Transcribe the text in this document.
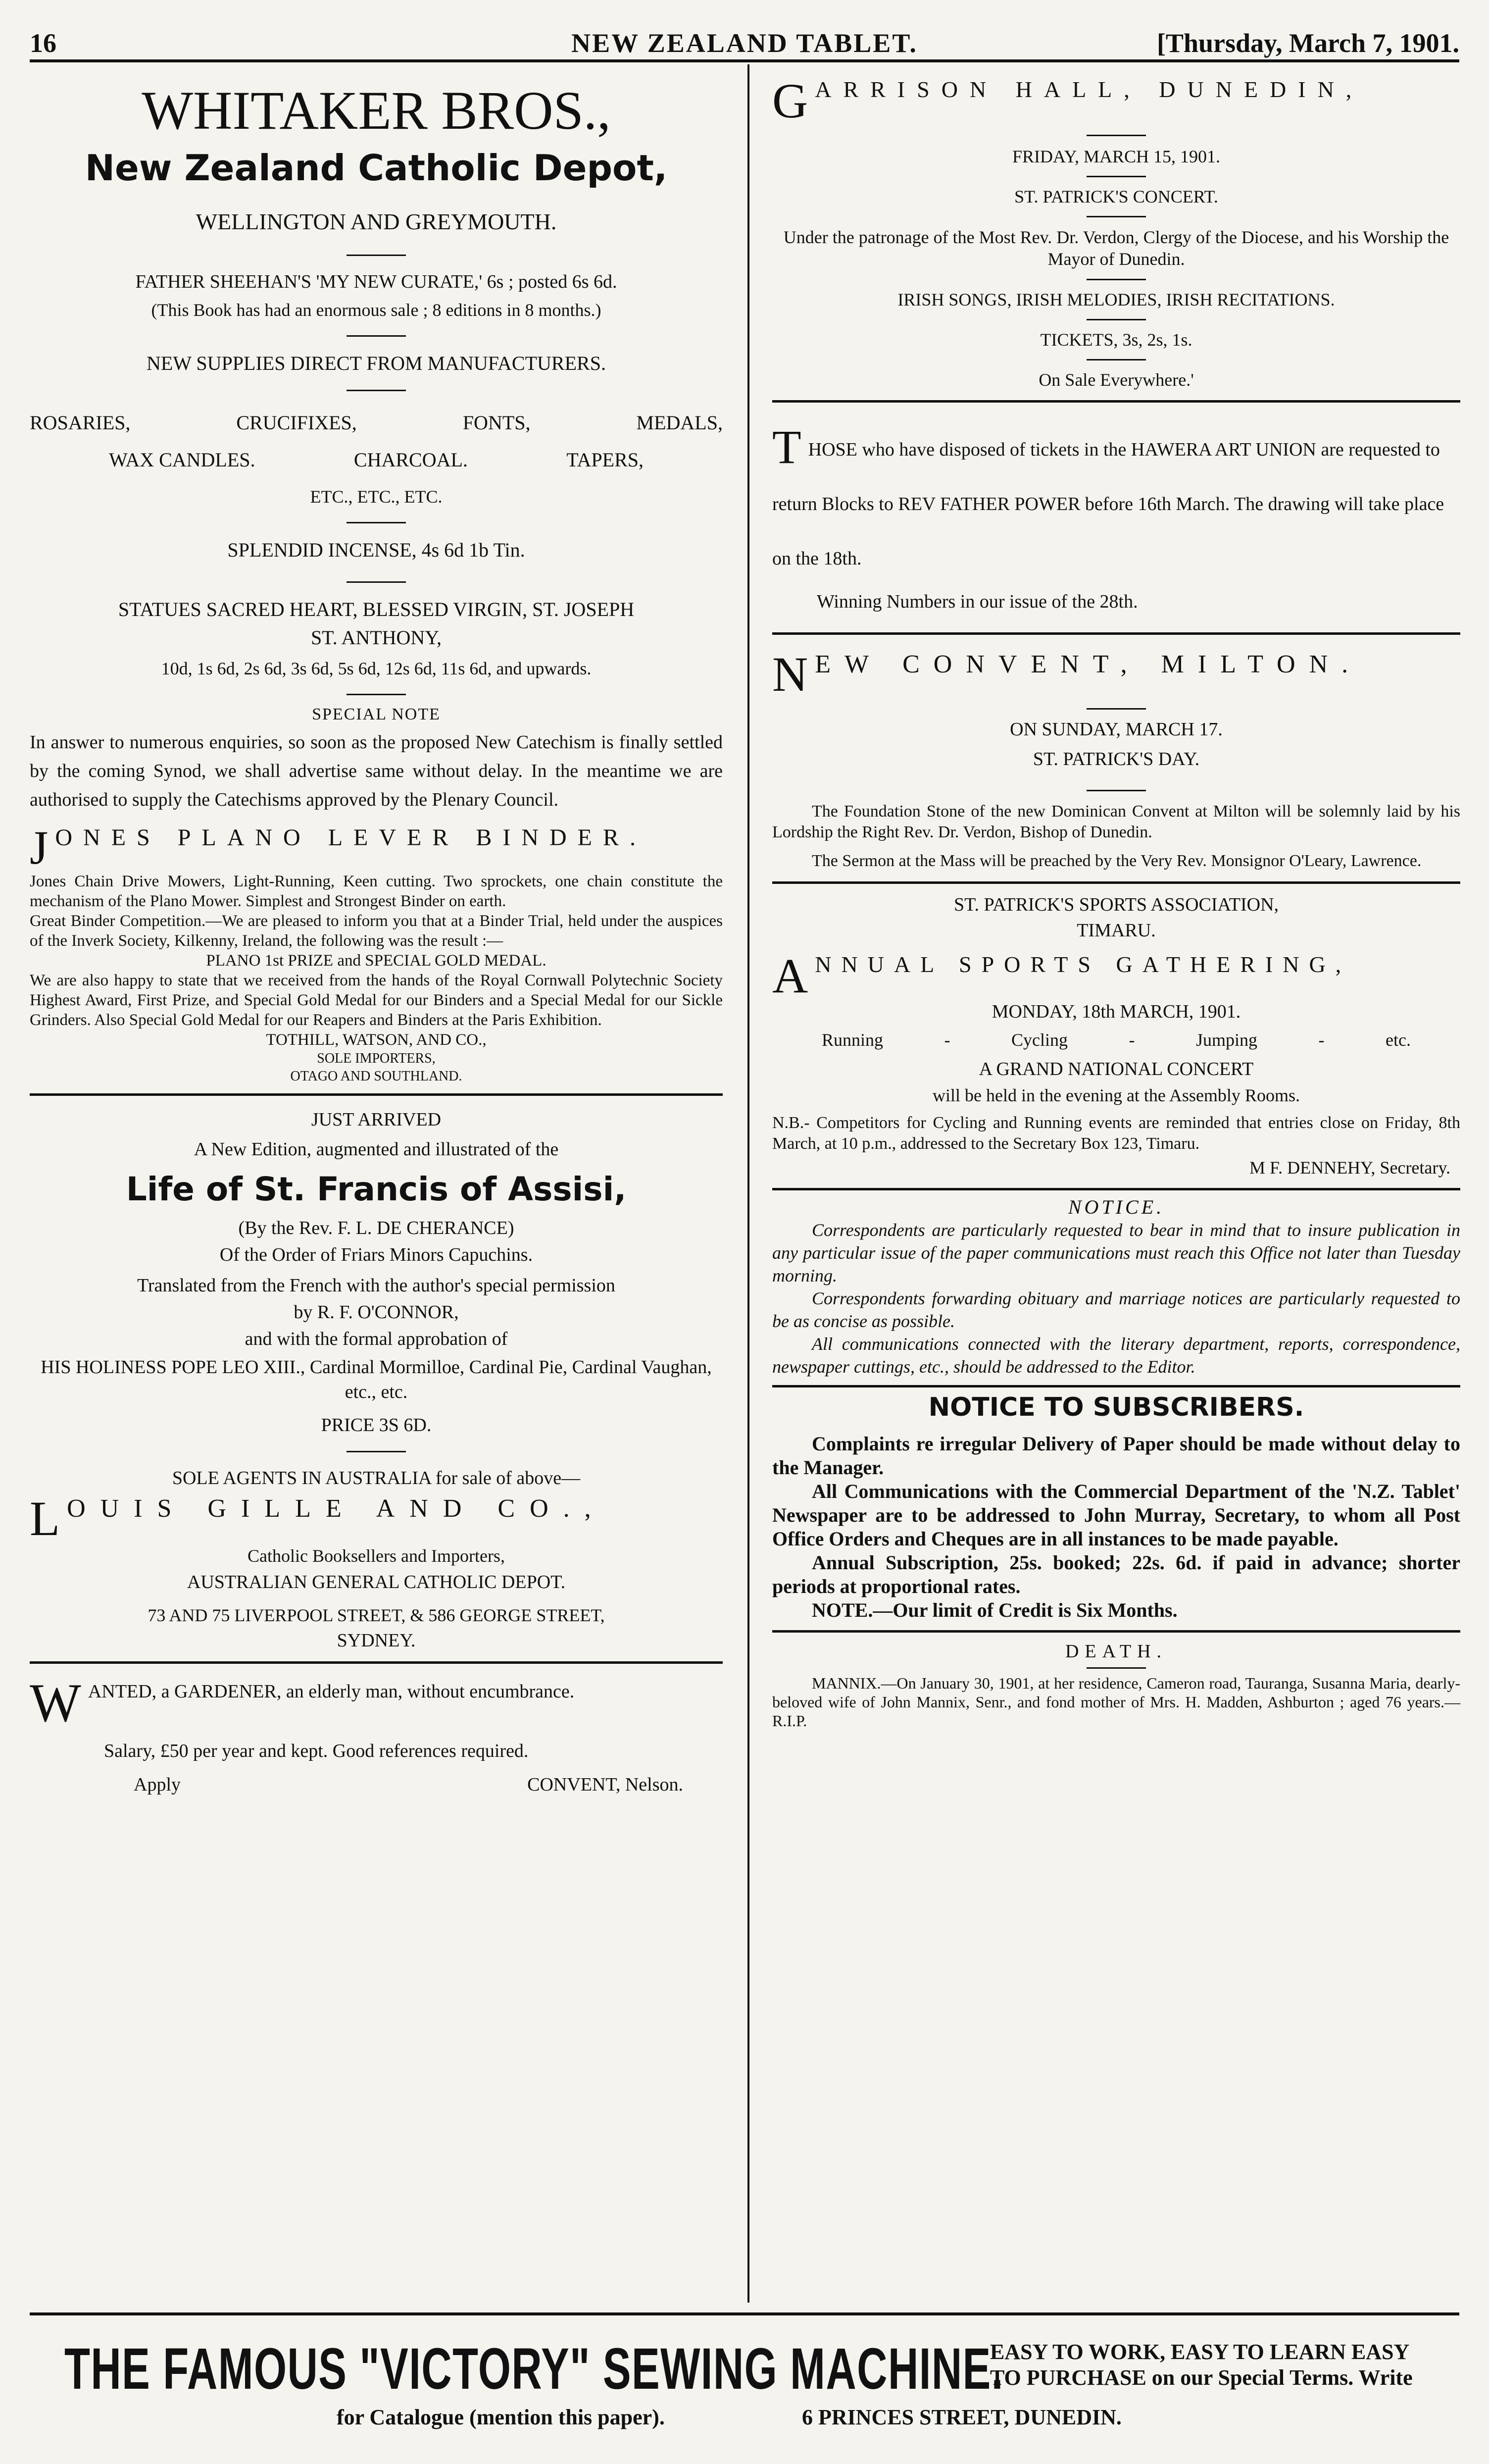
16	NEW ZEALAND TABLET.	[Thursday, March 7, 1901.
WHITAKER BROS.,
New Zealand Catholic Depot,
WELLINGTON AND GREYMOUTH.
FATHER SHEEHAN'S 'MY NEW CURATE,' 6s ; posted 6s 6d.
(This Book has had an enormous sale ; 8 editions in 8 months.)
NEW SUPPLIES DIRECT FROM MANUFACTURERS.
ROSARIES,	CRUCIFIXES,	FONTS,	MEDALS,
WAX CANDLES.	CHARCOAL.	TAPERS,
ETC., ETC., ETC.
SPLENDID INCENSE, 4s 6d 1b Tin.
STATUES SACRED HEART, BLESSED VIRGIN, ST. JOSEPH
ST. ANTHONY,
10d, 1s 6d, 2s 6d, 3s 6d, 5s 6d, 12s 6d, 11s 6d, and upwards.
SPECIAL NOTE

In answer to numerous enquiries, so soon as the proposed New Catechism is finally settled by the coming Synod, we shall advertise same without delay. In the meantime we are authorised to supply the Catechisms approved by the Plenary Council.

J ONES PLANO LEVER BINDER.

Jones Chain Drive Mowers, Light-Running, Keen cutting. Two sprockets, one chain constitute the mechanism of the Plano Mower. Simplest and Strongest Binder on earth.

Great Binder Competition.—We are pleased to inform you that at a Binder Trial, held under the auspices of the Inverk Society, Kilkenny, Ireland, the following was the result :—

PLANO 1st PRIZE and SPECIAL GOLD MEDAL.

We are also happy to state that we received from the hands of the Royal Cornwall Polytechnic Society Highest Award, First Prize, and Special Gold Medal for our Binders and a Special Medal for our Sickle Grinders. Also Special Gold Medal for our Reapers and Binders at the Paris Exhibition.

TOTHILL, WATSON, AND CO.,
SOLE IMPORTERS,
OTAGO AND SOUTHLAND.
JUST ARRIVED
A New Edition, augmented and illustrated of the
Life of St. Francis of Assisi,
(By the Rev. F. L. DE CHERANCE)
Of the Order of Friars Minors Capuchins.
Translated from the French with the author's special permission
by R. F. O'CONNOR,
and with the formal approbation of
HIS HOLINESS POPE LEO XIII., Cardinal Mormilloe, Cardinal Pie, Cardinal Vaughan, etc., etc.
PRICE 3S 6D.
SOLE AGENTS IN AUSTRALIA for sale of above—
L OUIS GILLE AND CO.,
Catholic Booksellers and Importers,
AUSTRALIAN GENERAL CATHOLIC DEPOT.
73 AND 75 LIVERPOOL STREET, & 586 GEORGE STREET,
SYDNEY.
W ANTED, a GARDENER, an elderly man, without encumbrance.
Salary, £50 per year and kept. Good references required.
Apply	CONVENT, Nelson.
G ARRISON HALL, DUNEDIN,
FRIDAY, MARCH 15, 1901.
ST. PATRICK'S CONCERT.
Under the patronage of the Most Rev. Dr. Verdon, Clergy of the Diocese, and his Worship the Mayor of Dunedin.
IRISH SONGS, IRISH MELODIES, IRISH RECITATIONS.
TICKETS, 3s, 2s, 1s.
On Sale Everywhere.'
T HOSE who have disposed of tickets in the HAWERA ART UNION are requested to return Blocks to REV FATHER POWER before 16th March. The drawing will take place on the 18th.
Winning Numbers in our issue of the 28th.
N EW CONVENT, MILTON.
ON SUNDAY, MARCH 17.
ST. PATRICK'S DAY.

The Foundation Stone of the new Dominican Convent at Milton will be solemnly laid by his Lordship the Right Rev. Dr. Verdon, Bishop of Dunedin.

The Sermon at the Mass will be preached by the Very Rev. Monsignor O'Leary, Lawrence.

ST. PATRICK'S SPORTS ASSOCIATION,
TIMARU.
A NNUAL SPORTS GATHERING,
MONDAY, 18th MARCH, 1901.
Running	-	Cycling	-	Jumping	-	etc.
A GRAND NATIONAL CONCERT
will be held in the evening at the Assembly Rooms.

N.B.- Competitors for Cycling and Running events are reminded that entries close on Friday, 8th March, at 10 p.m., addressed to the Secretary Box 123, Timaru.

M F. DENNEHY, Secretary.
NOTICE.

Correspondents are particularly requested to bear in mind that to insure publication in any particular issue of the paper communications must reach this Office not later than Tuesday morning.

Correspondents forwarding obituary and marriage notices are particularly requested to be as concise as possible.

All communications connected with the literary department, reports, correspondence, newspaper cuttings, etc., should be addressed to the Editor.

NOTICE TO SUBSCRIBERS.

Complaints re irregular Delivery of Paper should be made without delay to the Manager.

All Communications with the Commercial Department of the 'N.Z. Tablet' Newspaper are to be addressed to John Murray, Secretary, to whom all Post Office Orders and Cheques are in all instances to be made payable.

Annual Subscription, 25s. booked; 22s. 6d. if paid in advance; shorter periods at proportional rates.

NOTE.—Our limit of Credit is Six Months.

DEATH.

MANNIX.—On January 30, 1901, at her residence, Cameron road, Tauranga, Susanna Maria, dearly-beloved wife of John Mannix, Senr., and fond mother of Mrs. H. Madden, Ashburton ; aged 76 years.—R.I.P.

THE FAMOUS "VICTORY" SEWING MACHINE.
EASY TO WORK, EASY TO LEARN EASY
TO PURCHASE on our Special Terms. Write
for Catalogue (mention this paper).	6 PRINCES STREET, DUNEDIN.
